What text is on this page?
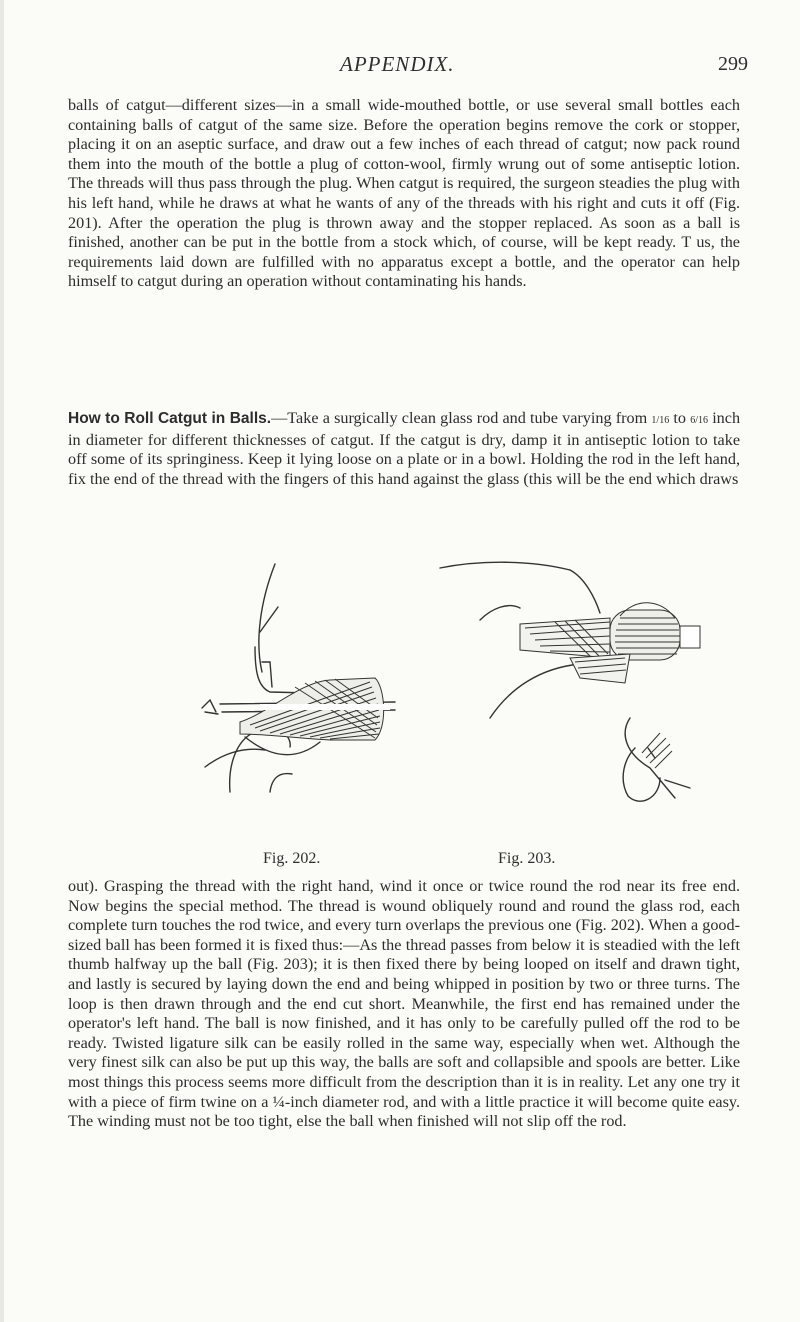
APPENDIX.	299

balls of catgut—different sizes—in a small wide-mouthed bottle, or use several small bottles each containing balls of catgut of the same size. Before the operation begins remove the cork or stopper, placing it on an aseptic surface, and draw out a few inches of each thread of catgut; now pack round them into the mouth of the bottle a plug of cotton-wool, firmly wrung out of some antiseptic lotion. The threads will thus pass through the plug. When catgut is required, the surgeon steadies the plug with his left hand, while he draws at what he wants of any of the threads with his right and cuts it off (Fig. 201). After the operation the plug is thrown away and the stopper replaced. As soon as a ball is finished, another can be put in the bottle from a stock which, of course, will be kept ready. T us, the requirements laid down are fulfilled with no apparatus except a bottle, and the operator can help himself to catgut during an operation without contaminating his hands.

How to Roll Catgut in Balls.—Take a surgically clean glass rod and tube varying from 1/16 to 6/16 inch in diameter for different thicknesses of catgut. If the catgut is dry, damp it in antiseptic lotion to take off some of its springiness. Keep it lying loose on a plate or in a bowl. Holding the rod in the left hand, fix the end of the thread with the fingers of this hand against the glass (this will be the end which draws

Fig. 202.	Fig. 203.

out). Grasping the thread with the right hand, wind it once or twice round the rod near its free end. Now begins the special method. The thread is wound obliquely round and round the glass rod, each complete turn touches the rod twice, and every turn overlaps the previous one (Fig. 202). When a good-sized ball has been formed it is fixed thus:—As the thread passes from below it is steadied with the left thumb halfway up the ball (Fig. 203); it is then fixed there by being looped on itself and drawn tight, and lastly is secured by laying down the end and being whipped in position by two or three turns. The loop is then drawn through and the end cut short. Meanwhile, the first end has remained under the operator's left hand. The ball is now finished, and it has only to be carefully pulled off the rod to be ready. Twisted ligature silk can be easily rolled in the same way, especially when wet. Although the very finest silk can also be put up this way, the balls are soft and collapsible and spools are better. Like most things this process seems more difficult from the description than it is in reality. Let any one try it with a piece of firm twine on a ¼-inch diameter rod, and with a little practice it will become quite easy. The winding must not be too tight, else the ball when finished will not slip off the rod.
